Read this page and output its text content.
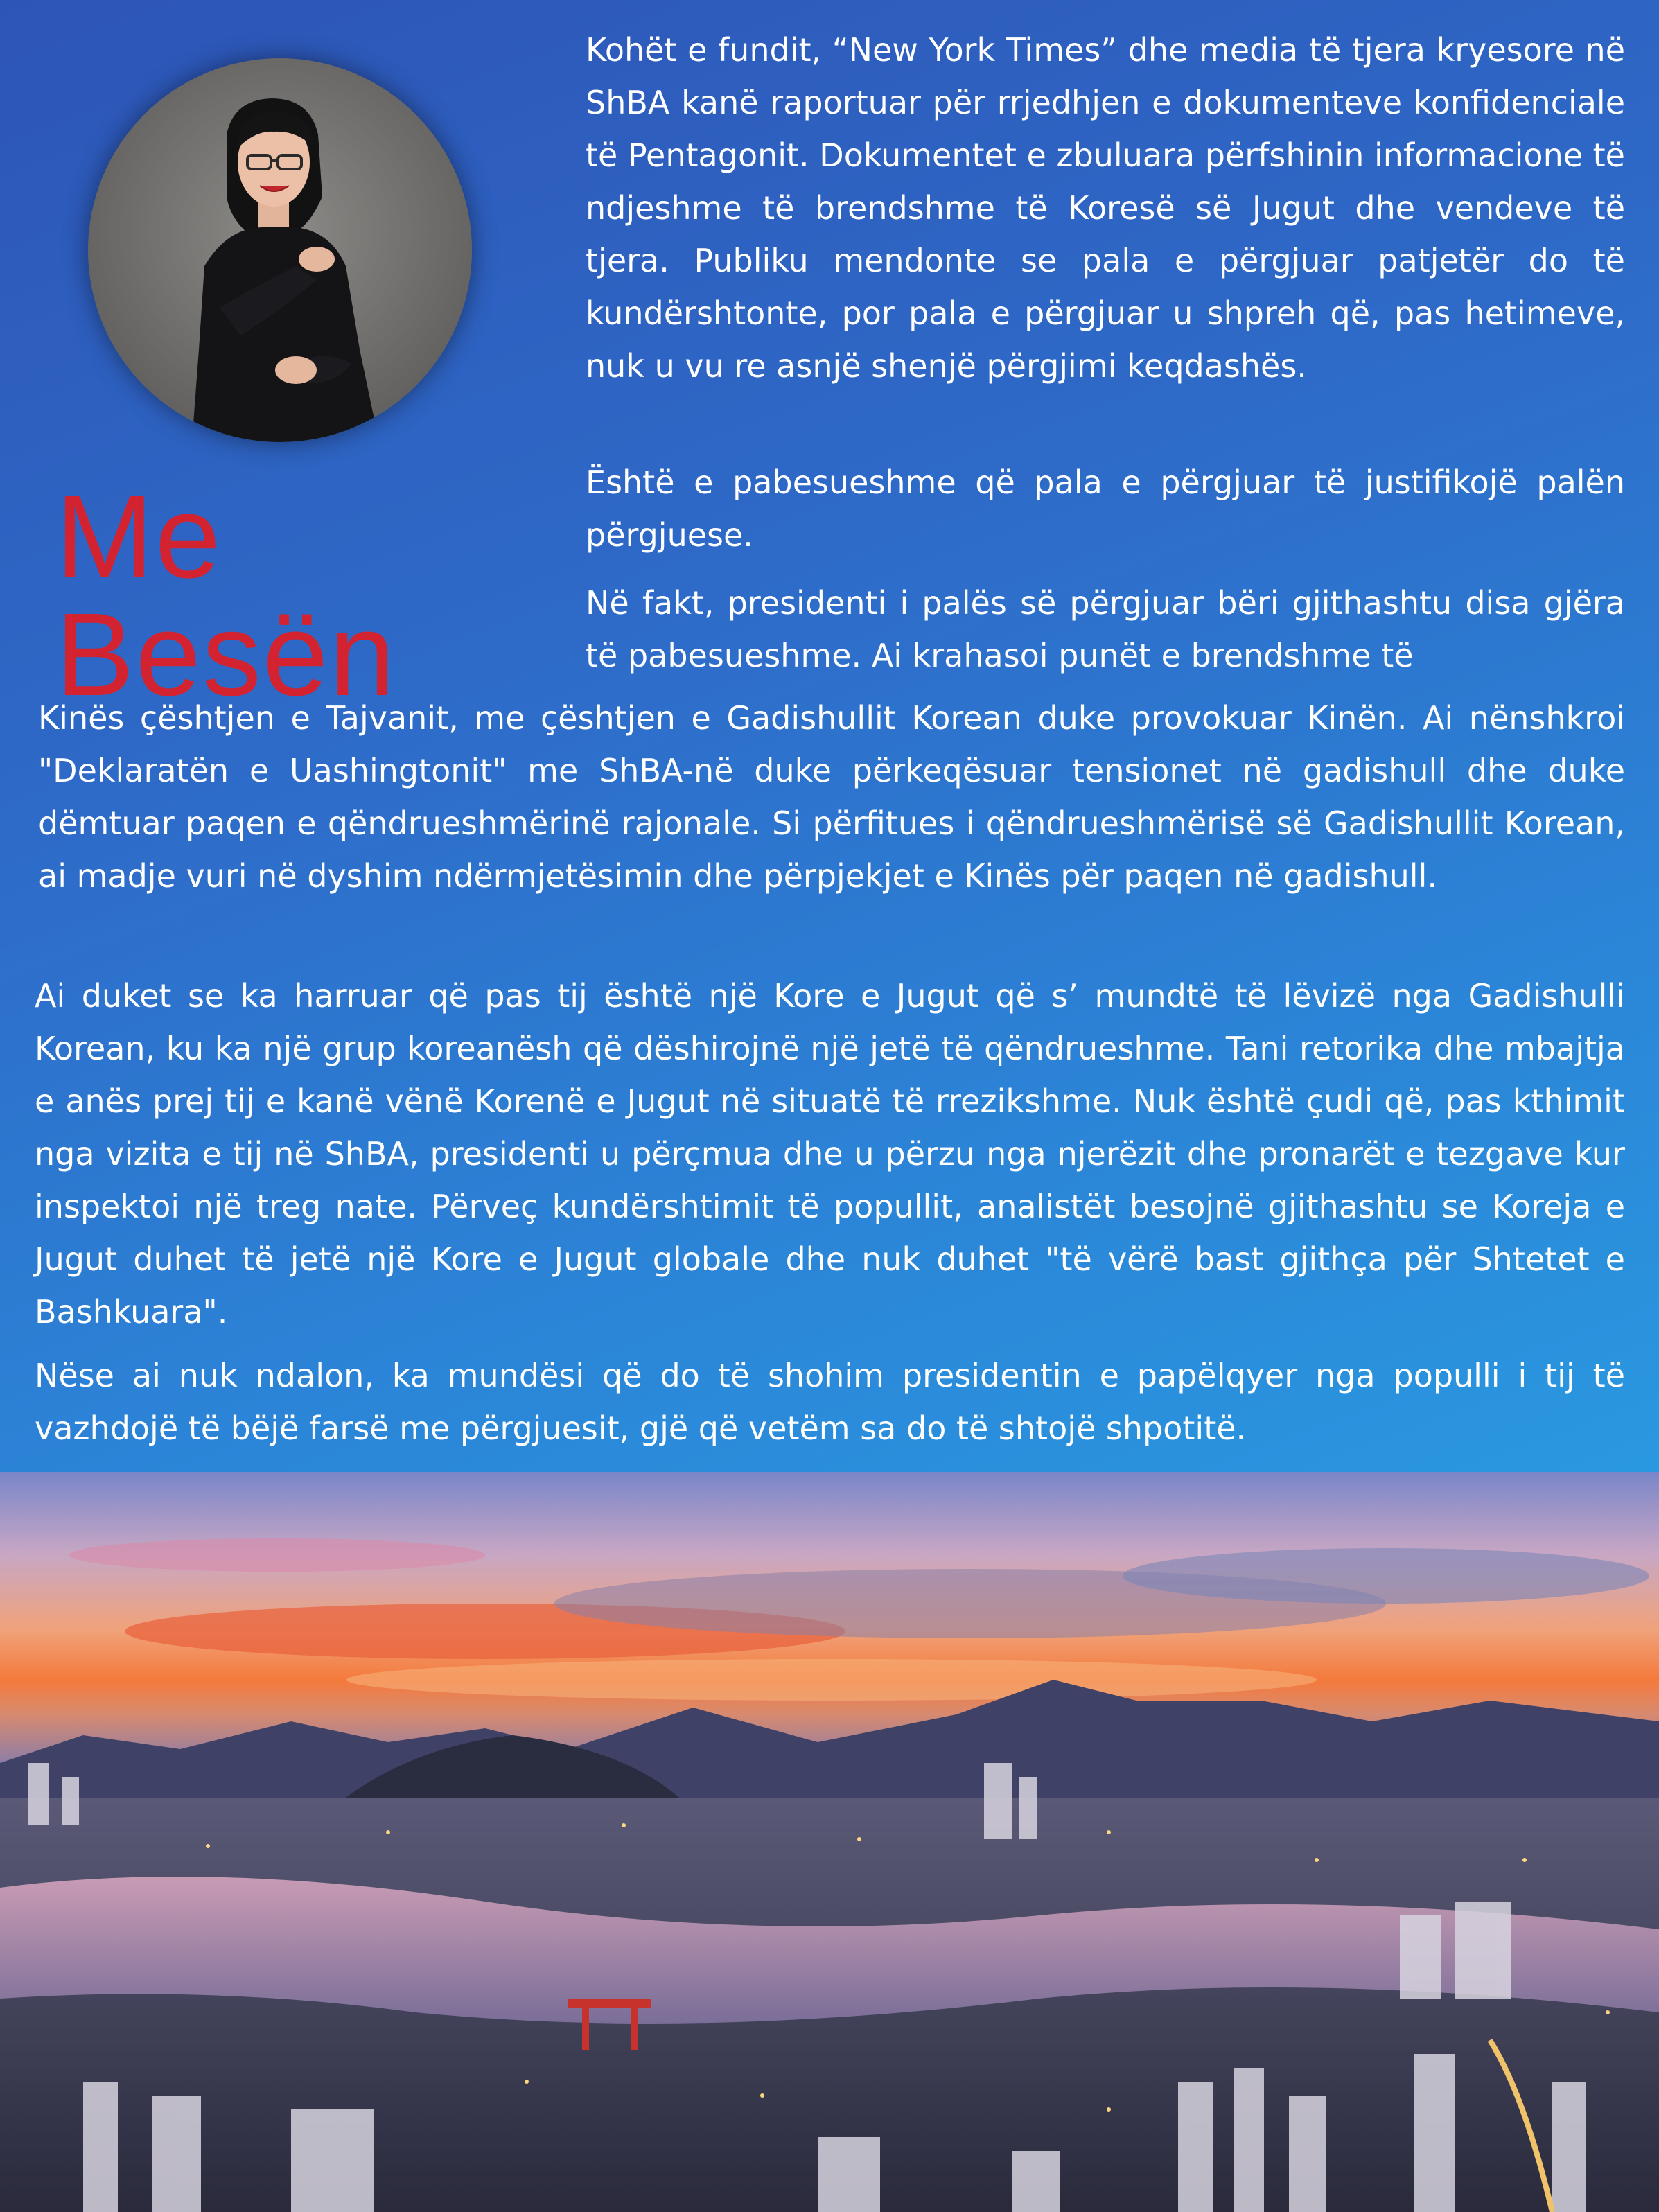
Me Besën

Kohët e fundit, “New York Times” dhe media të tjera kryesore në ShBA kanë raportuar për rrjedhjen e dokumenteve konfidenciale të Pentagonit. Dokumentet e zbuluara përfshinin informacione të ndjeshme të brendshme të Koresë së Jugut dhe vendeve të tjera. Publiku mendonte se pala e përgjuar patjetër do të kundërshtonte, por pala e përgjuar u shpreh që, pas hetimeve, nuk u vu re asnjë shenjë përgjimi keqdashës.

Është e pabesueshme që pala e përgjuar të justifikojë palën përgjuese.

Në fakt, presidenti i palës së përgjuar bëri gjithashtu disa gjëra të pabesueshme. Ai krahasoi punët e brendshme të

Kinës çështjen e Tajvanit, me çështjen e Gadishullit Korean duke provokuar Kinën. Ai nënshkroi "Deklaratën e Uashingtonit" me ShBA-në duke përkeqësuar tensionet në gadishull dhe duke dëmtuar paqen e qëndrueshmërinë rajonale. Si përfitues i qëndrueshmërisë së Gadishullit Korean, ai madje vuri në dyshim ndërmjetësimin dhe përpjekjet e Kinës për paqen në gadishull.

Ai duket se ka harruar që pas tij është një Kore e Jugut që s’ mundtë të lëvizë nga Gadishulli Korean, ku ka një grup koreanësh që dëshirojnë një jetë të qëndrueshme. Tani retorika dhe mbajtja e anës prej tij e kanë vënë Korenë e Jugut në situatë të rrezikshme. Nuk është çudi që, pas kthimit nga vizita e tij në ShBA, presidenti u përçmua dhe u përzu nga njerëzit dhe pronarët e tezgave kur inspektoi një treg nate. Përveç kundërshtimit të popullit, analistët besojnë gjithashtu se Koreja e Jugut duhet të jetë një Kore e Jugut globale dhe nuk duhet "të vërë bast gjithça për Shtetet e Bashkuara".

Nëse ai nuk ndalon, ka mundësi që do të shohim presidentin e papëlqyer nga populli i tij të vazhdojë të bëjë farsë me përgjuesit, gjë që vetëm sa do të shtojë shpotitë.
